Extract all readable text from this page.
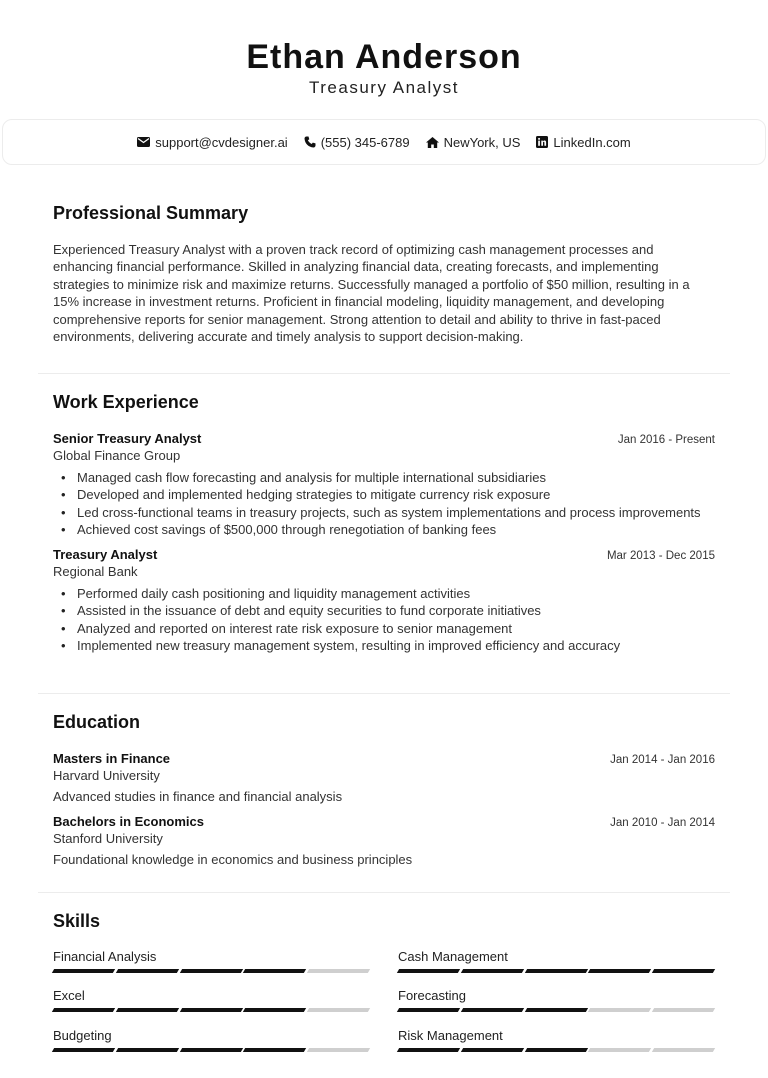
Ethan Anderson
Treasury Analyst
support@cvdesigner.ai	(555) 345-6789	NewYork, US	LinkedIn.com
Professional Summary
Experienced Treasury Analyst with a proven track record of optimizing cash management processes and enhancing financial performance. Skilled in analyzing financial data, creating forecasts, and implementing strategies to minimize risk and maximize returns. Successfully managed a portfolio of $50 million, resulting in a 15% increase in investment returns. Proficient in financial modeling, liquidity management, and developing comprehensive reports for senior management. Strong attention to detail and ability to thrive in fast-paced environments, delivering accurate and timely analysis to support decision-making.
Work Experience
Senior Treasury Analyst	Jan 2016 - Present
Global Finance Group
• Managed cash flow forecasting and analysis for multiple international subsidiaries
• Developed and implemented hedging strategies to mitigate currency risk exposure
• Led cross-functional teams in treasury projects, such as system implementations and process improvements
• Achieved cost savings of $500,000 through renegotiation of banking fees
Treasury Analyst	Mar 2013 - Dec 2015
Regional Bank
• Performed daily cash positioning and liquidity management activities
• Assisted in the issuance of debt and equity securities to fund corporate initiatives
• Analyzed and reported on interest rate risk exposure to senior management
• Implemented new treasury management system, resulting in improved efficiency and accuracy
Education
Masters in Finance	Jan 2014 - Jan 2016
Harvard University
Advanced studies in finance and financial analysis
Bachelors in Economics	Jan 2010 - Jan 2014
Stanford University
Foundational knowledge in economics and business principles
Skills
Financial Analysis	Cash Management
Excel	Forecasting
Budgeting	Risk Management
